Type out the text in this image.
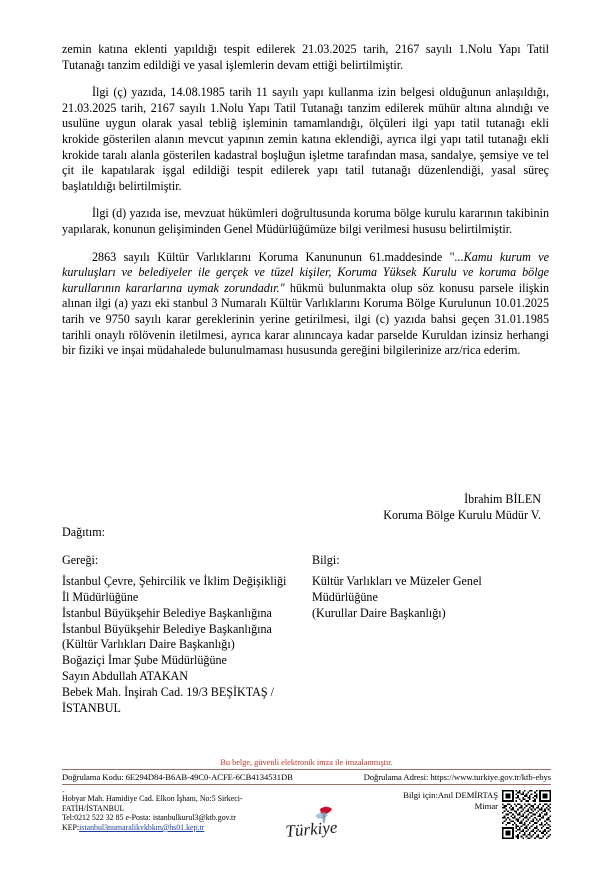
zemin katına eklenti yapıldığı tespit edilerek 21.03.2025 tarih, 2167 sayılı 1.Nolu Yapı Tatil Tutanağı tanzim edildiği ve yasal işlemlerin devam ettiği belirtilmiştir.

İlgi (ç) yazıda, 14.08.1985 tarih 11 sayılı yapı kullanma izin belgesi olduğunun anlaşıldığı, 21.03.2025 tarih, 2167 sayılı 1.Nolu Yapı Tatil Tutanağı tanzim edilerek mühür altına alındığı ve usulüne uygun olarak yasal tebliğ işleminin tamamlandığı, ölçüleri ilgi yapı tatil tutanağı ekli krokide gösterilen alanın mevcut yapının zemin katına eklendiği, ayrıca ilgi yapı tatil tutanağı ekli krokide taralı alanla gösterilen kadastral boşluğun işletme tarafından masa, sandalye, şemsiye ve tel çit ile kapatılarak işgal edildiği tespit edilerek yapı tatil tutanağı düzenlendiği, yasal süreç başlatıldığı belirtilmiştir.

İlgi (d) yazıda ise, mevzuat hükümleri doğrultusunda koruma bölge kurulu kararının takibinin yapılarak, konunun gelişiminden Genel Müdürlüğümüze bilgi verilmesi hususu belirtilmiştir.

2863 sayılı Kültür Varlıklarını Koruma Kanununun 61.maddesinde "...Kamu kurum ve kuruluşları ve belediyeler ile gerçek ve tüzel kişiler, Koruma Yüksek Kurulu ve koruma bölge kurullarının kararlarına uymak zorundadır." hükmü bulunmakta olup söz konusu parsele ilişkin alınan ilgi (a) yazı eki stanbul 3 Numaralı Kültür Varlıklarını Koruma Bölge Kurulunun 10.01.2025 tarih ve 9750 sayılı karar gereklerinin yerine getirilmesi, ilgi (c) yazıda bahsi geçen 31.01.1985 tarihli onaylı rölövenin iletilmesi, ayrıca karar alınıncaya kadar parselde Kuruldan izinsiz herhangi bir fiziki ve inşai müdahalede bulunulmaması hususunda gereğini bilgilerinize arz/rica ederim.

İbrahim BİLEN
Koruma Bölge Kurulu Müdür V.
Dağıtım:
Gereği:
İstanbul Çevre, Şehircilik ve İklim Değişikliği
İl Müdürlüğüne
İstanbul Büyükşehir Belediye Başkanlığına
İstanbul Büyükşehir Belediye Başkanlığına
(Kültür Varlıkları Daire Başkanlığı)
Boğaziçi İmar Şube Müdürlüğüne
Sayın Abdullah ATAKAN
Bebek Mah. İnşirah Cad. 19/3 BEŞİKTAŞ /
İSTANBUL
Bilgi:
Kültür Varlıkları ve Müzeler Genel
Müdürlüğüne
(Kurullar Daire Başkanlığı)
Bu belge, güvenli elektronik imza ile imzalanmıştır.
Doğrulama Kodu: 6E294D84-B6AB-49C0-ACFE-6CB4134531DB	Doğrulama Adresi: https://www.turkiye.gov.tr/ktb-ebys
-
Hobyar Mah. Hamidiye Cad. Elkon İşhanı, No:5 Sirkeci-
FATİH/İSTANBUL
Tel:0212 522 32 85 e-Posta: istanbulkurul3@ktb.gov.tr
KEP:istanbul3numaralikvkbkm@hs01.kep.tr
Bilgi için:Anıl DEMİRTAŞ
Mimar
Türkiye
